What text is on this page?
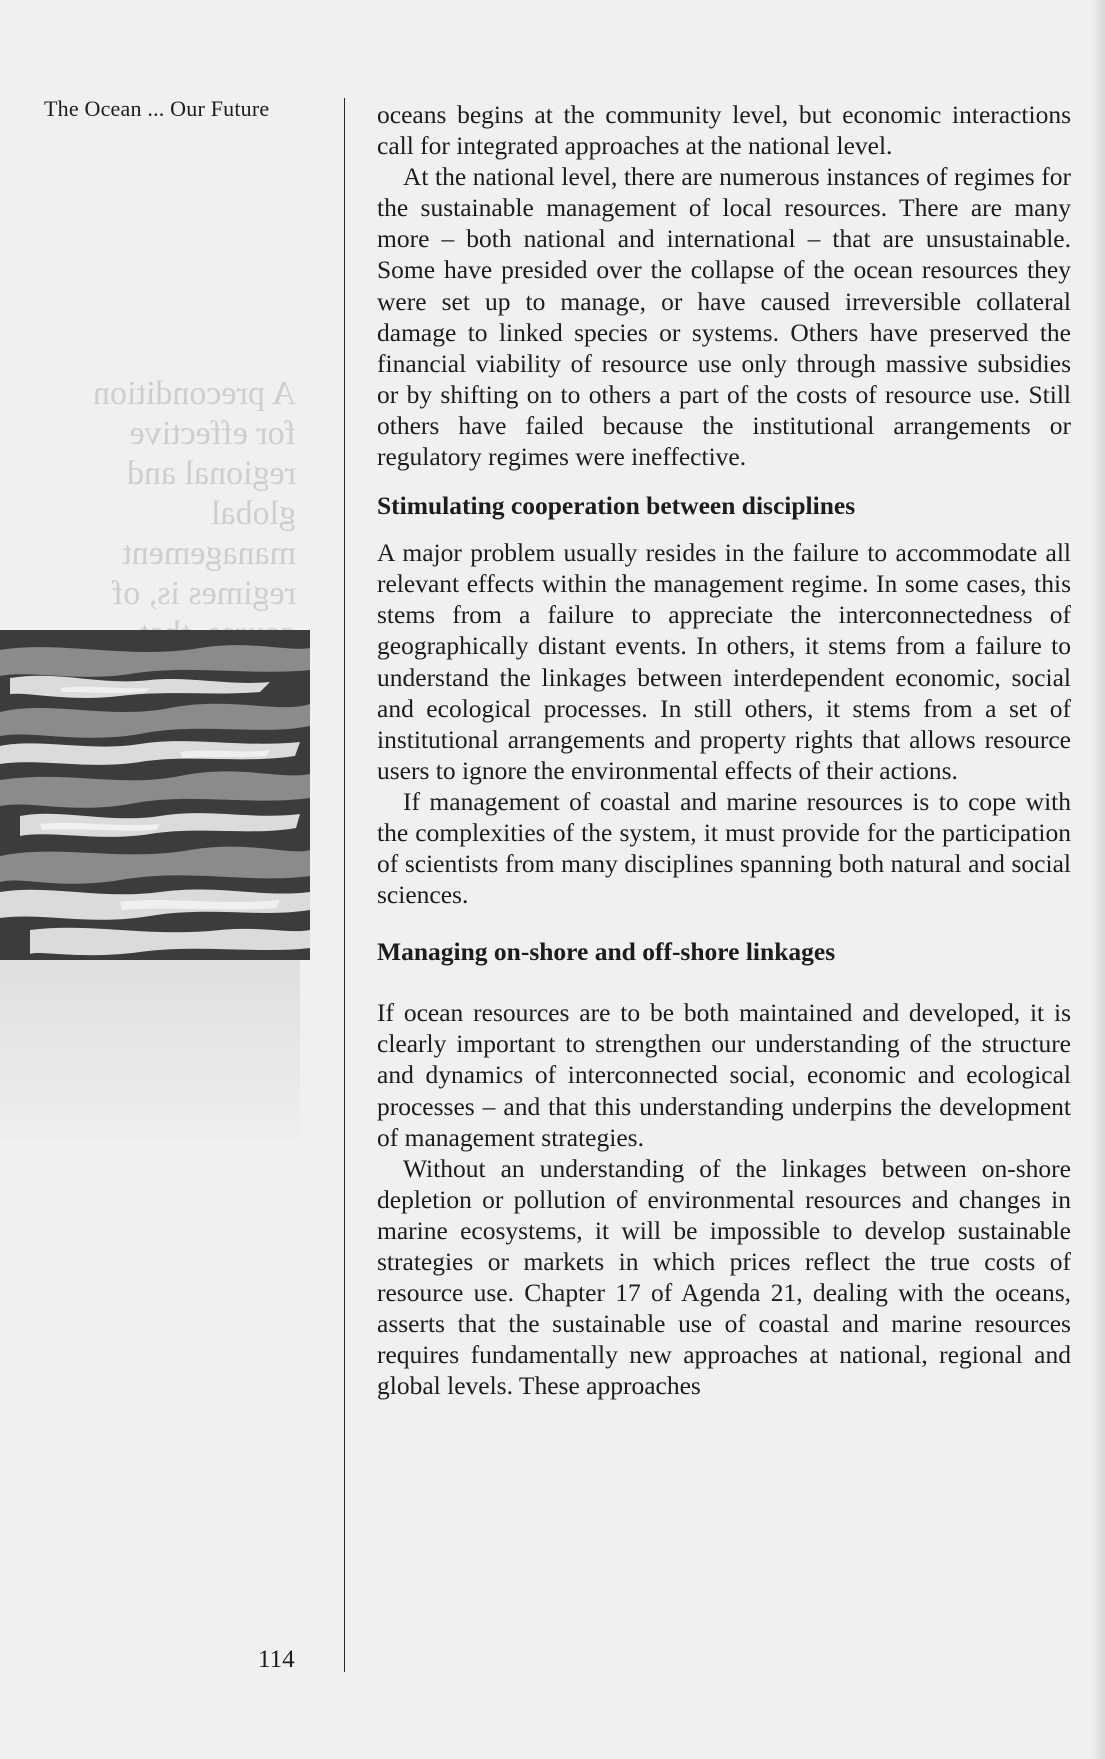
The Ocean ... Our Future
A precondition for effective regional and global management regimes is, of

oceans begins at the community level, but economic interactions call for integrated approaches at the national level.

At the national level, there are numerous instances of regimes for the sustainable management of local resources. There are many more – both national and international – that are unsustainable. Some have presided over the collapse of the ocean resources they were set up to manage, or have caused irreversible collateral damage to linked species or systems. Others have preserved the financial viability of resource use only through massive subsidies or by shifting on to others a part of the costs of resource use. Still others have failed because the institutional arrangements or regulatory regimes were ineffective.

Stimulating cooperation between disciplines

A major problem usually resides in the failure to accommodate all relevant effects within the management regime. In some cases, this stems from a failure to appreciate the interconnectedness of geographically distant events. In others, it stems from a failure to understand the linkages between interdependent economic, social and ecological processes. In still others, it stems from a set of institutional arrangements and property rights that allows resource users to ignore the environmental effects of their actions.

If management of coastal and marine resources is to cope with the complexities of the system, it must provide for the participation of scientists from many disciplines spanning both natural and social sciences.

Managing on-shore and off-shore linkages

If ocean resources are to be both maintained and developed, it is clearly important to strengthen our understanding of the structure and dynamics of interconnected social, economic and ecological processes – and that this understanding underpins the development of management strategies.

Without an understanding of the linkages between on-shore depletion or pollution of environmental resources and changes in marine ecosystems, it will be impossible to develop sustainable strategies or markets in which prices reflect the true costs of resource use. Chapter 17 of Agenda 21, dealing with the oceans, asserts that the sustainable use of coastal and marine resources requires fundamentally new approaches at national, regional and global levels. These approaches

114
